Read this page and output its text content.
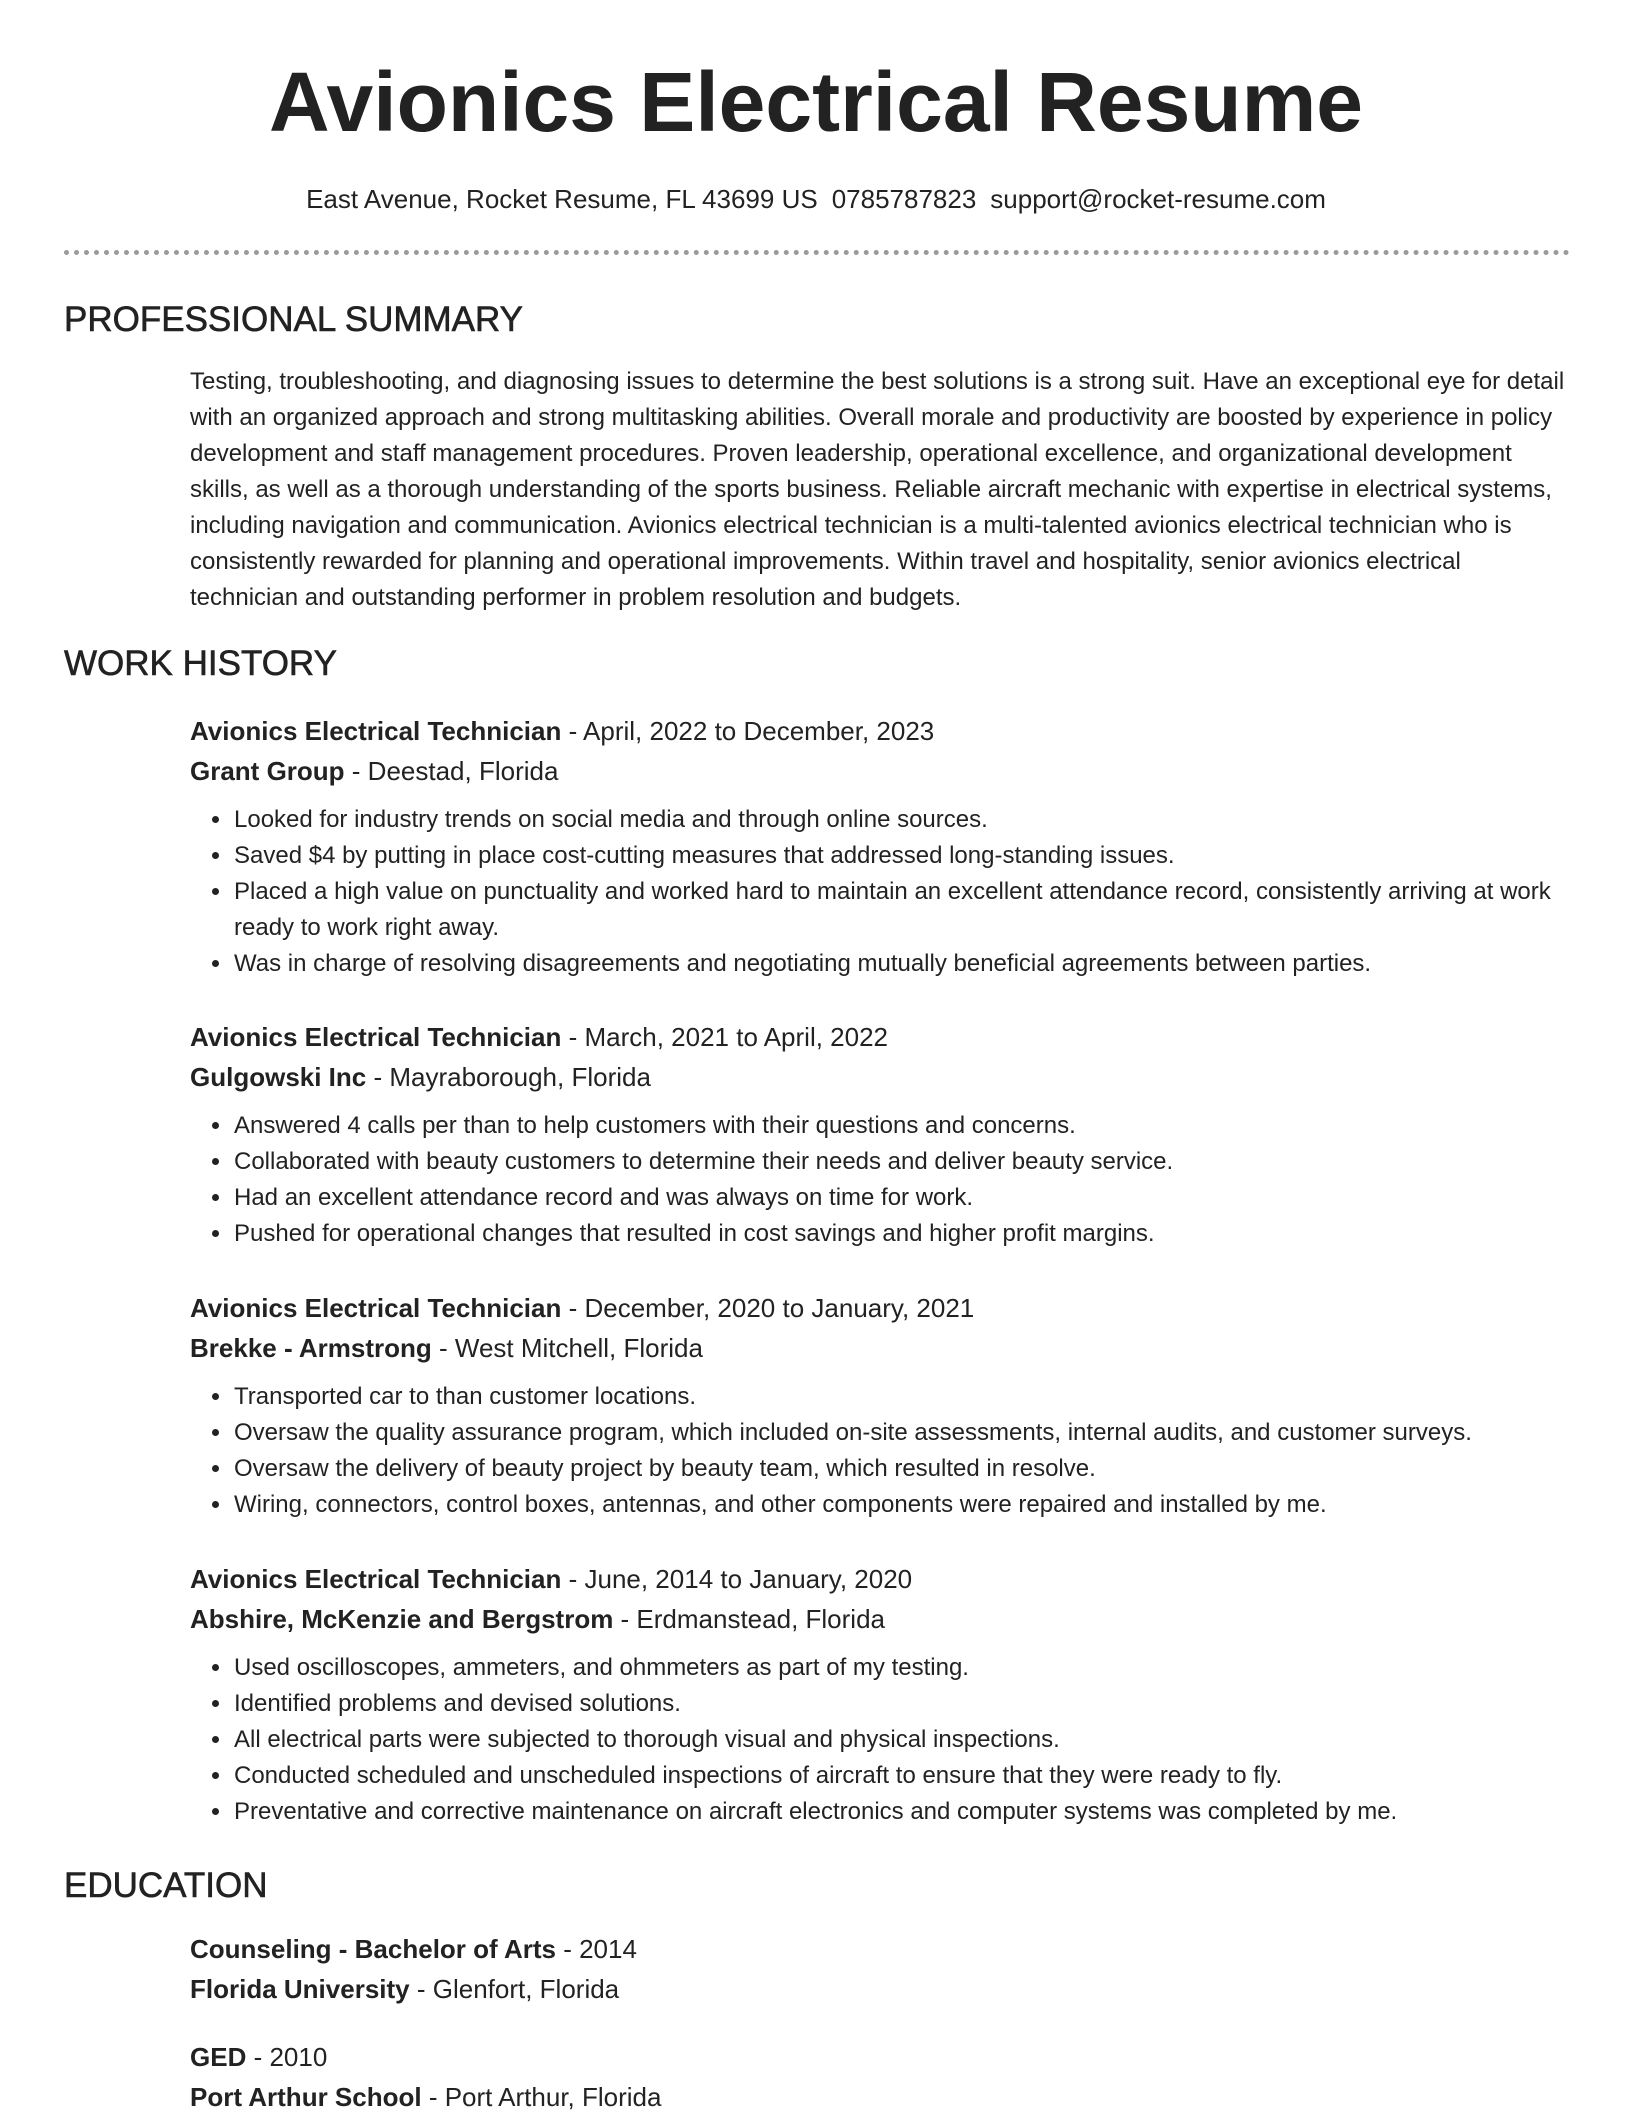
Avionics Electrical Resume
East Avenue, Rocket Resume, FL 43699 US 0785787823 support@rocket-resume.com
PROFESSIONAL SUMMARY

Testing, troubleshooting, and diagnosing issues to determine the best solutions is a strong suit. Have an exceptional eye for detail with an organized approach and strong multitasking abilities. Overall morale and productivity are boosted by experience in policy development and staff management procedures. Proven leadership, operational excellence, and organizational development skills, as well as a thorough understanding of the sports business. Reliable aircraft mechanic with expertise in electrical systems, including navigation and communication. Avionics electrical technician is a multi-talented avionics electrical technician who is consistently rewarded for planning and operational improvements. Within travel and hospitality, senior avionics electrical technician and outstanding performer in problem resolution and budgets.

WORK HISTORY
Avionics Electrical Technician - April, 2022 to December, 2023
Grant Group - Deestad, Florida
• Looked for industry trends on social media and through online sources.
• Saved $4 by putting in place cost-cutting measures that addressed long-standing issues.
• Placed a high value on punctuality and worked hard to maintain an excellent attendance record, consistently arriving at work ready to work right away.
• Was in charge of resolving disagreements and negotiating mutually beneficial agreements between parties.
Avionics Electrical Technician - March, 2021 to April, 2022
Gulgowski Inc - Mayraborough, Florida
• Answered 4 calls per than to help customers with their questions and concerns.
• Collaborated with beauty customers to determine their needs and deliver beauty service.
• Had an excellent attendance record and was always on time for work.
• Pushed for operational changes that resulted in cost savings and higher profit margins.
Avionics Electrical Technician - December, 2020 to January, 2021
Brekke - Armstrong - West Mitchell, Florida
• Transported car to than customer locations.
• Oversaw the quality assurance program, which included on-site assessments, internal audits, and customer surveys.
• Oversaw the delivery of beauty project by beauty team, which resulted in resolve.
• Wiring, connectors, control boxes, antennas, and other components were repaired and installed by me.
Avionics Electrical Technician - June, 2014 to January, 2020
Abshire, McKenzie and Bergstrom - Erdmanstead, Florida
• Used oscilloscopes, ammeters, and ohmmeters as part of my testing.
• Identified problems and devised solutions.
• All electrical parts were subjected to thorough visual and physical inspections.
• Conducted scheduled and unscheduled inspections of aircraft to ensure that they were ready to fly.
• Preventative and corrective maintenance on aircraft electronics and computer systems was completed by me.
EDUCATION
Counseling - Bachelor of Arts - 2014
Florida University - Glenfort, Florida
GED - 2010
Port Arthur School - Port Arthur, Florida
